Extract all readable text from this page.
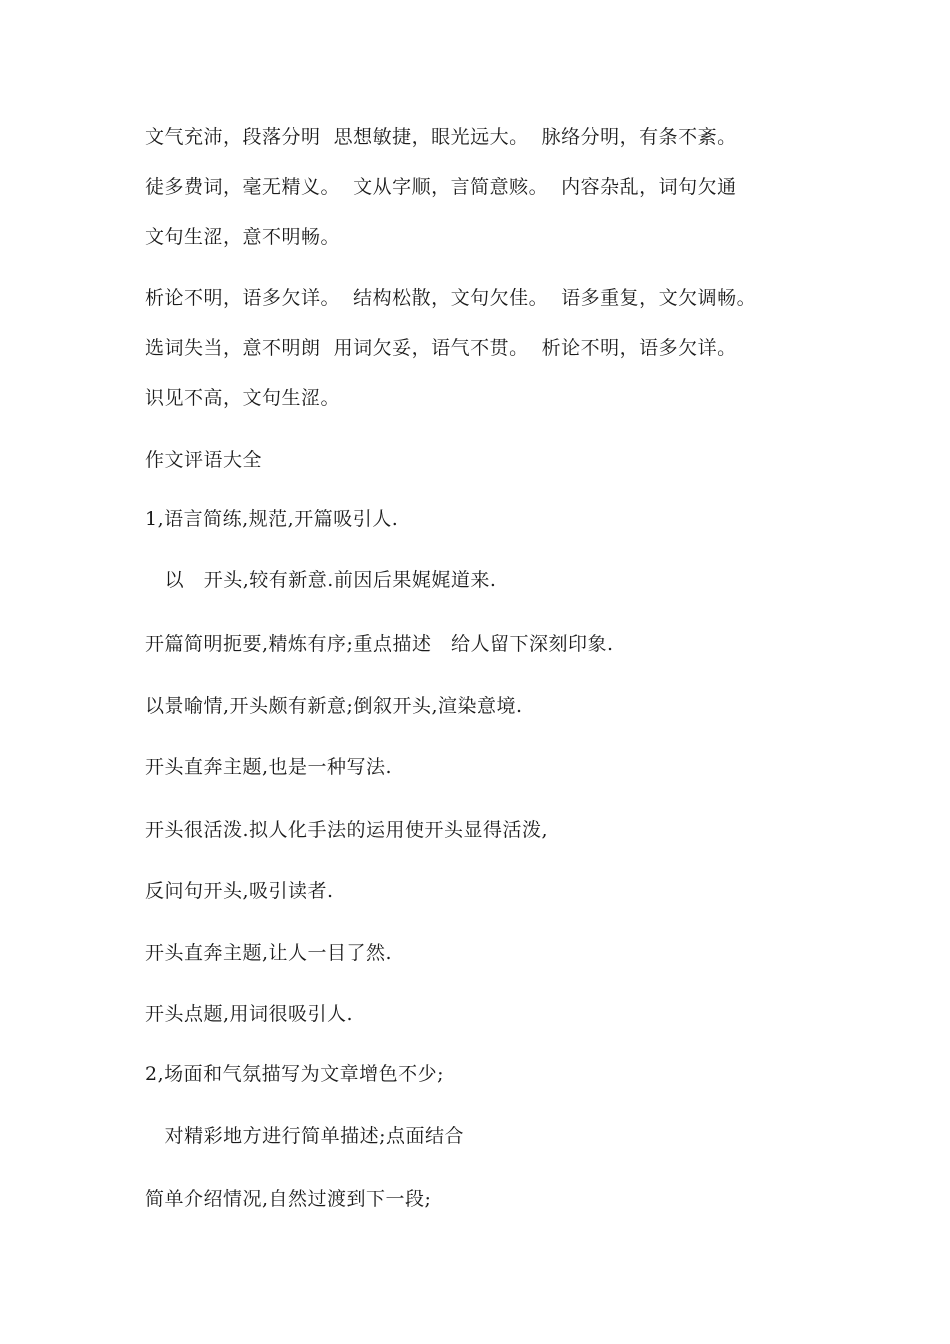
文气充沛，段落分明  思想敏捷，眼光远大。  脉络分明，有条不紊。
徒多费词，毫无精义。  文从字顺，言简意赅。  内容杂乱，词句欠通
文句生涩，意不明畅。
析论不明，语多欠详。  结构松散，文句欠佳。  语多重复，文欠调畅。
选词失当，意不明朗  用词欠妥，语气不贯。  析论不明，语多欠详。
识见不高，文句生涩。
作文评语大全
1,语言简练,规范,开篇吸引人.
以   开头,较有新意.前因后果娓娓道来.
开篇简明扼要,精炼有序;重点描述   给人留下深刻印象.
以景喻情,开头颇有新意;倒叙开头,渲染意境.
开头直奔主题,也是一种写法.
开头很活泼.拟人化手法的运用使开头显得活泼,
反问句开头,吸引读者.
开头直奔主题,让人一目了然.
开头点题,用词很吸引人.
2,场面和气氛描写为文章增色不少;
对精彩地方进行简单描述;点面结合
简单介绍情况,自然过渡到下一段;
